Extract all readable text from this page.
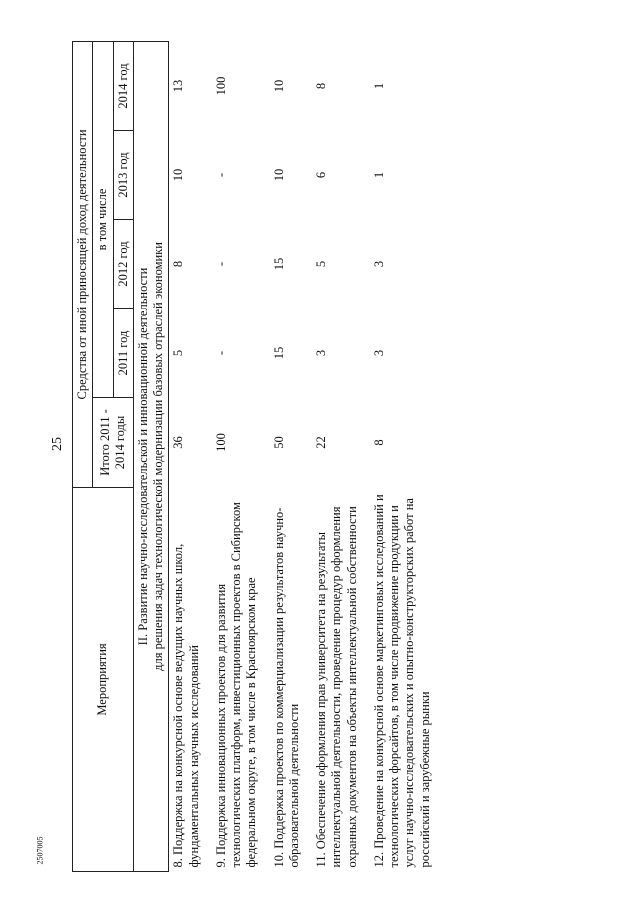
25
2507005
Мероприятия	Средства от иной приносящей доход деятельности				
	Итого 2011 - 2014 годы	в том числе			
		2011 год	2012 год	2013 год	2014 год

II. Развитие научно-исследовательской и инновационной деятельности для решения задач технологической модернизации базовых отраслей экономики					

8. Поддержка на конкурсной основе ведущих научных школ, фундаментальных научных исследований	36	5	8	10	13
9. Поддержка инновационных проектов для развития технологических платформ, инвестиционных проектов в Сибирском федеральном округе, в том числе в Красноярском крае	100	-	-	-	100
10. Поддержка проектов по коммерциализации результатов научно-образовательной деятельности	50	15	15	10	10
11. Обеспечение оформления прав университета на результаты интеллектуальной деятельности, проведение процедур оформления охранных документов на объекты интеллектуальной собственности	22	3	5	6	8
12. Проведение на конкурсной основе маркетинговых исследований и технологических форсайтов, в том числе продвижение продукции и услуг научно-исследовательских и опытно-конструкторских работ на российский и зарубежные рынки	8	3	3	1	1
